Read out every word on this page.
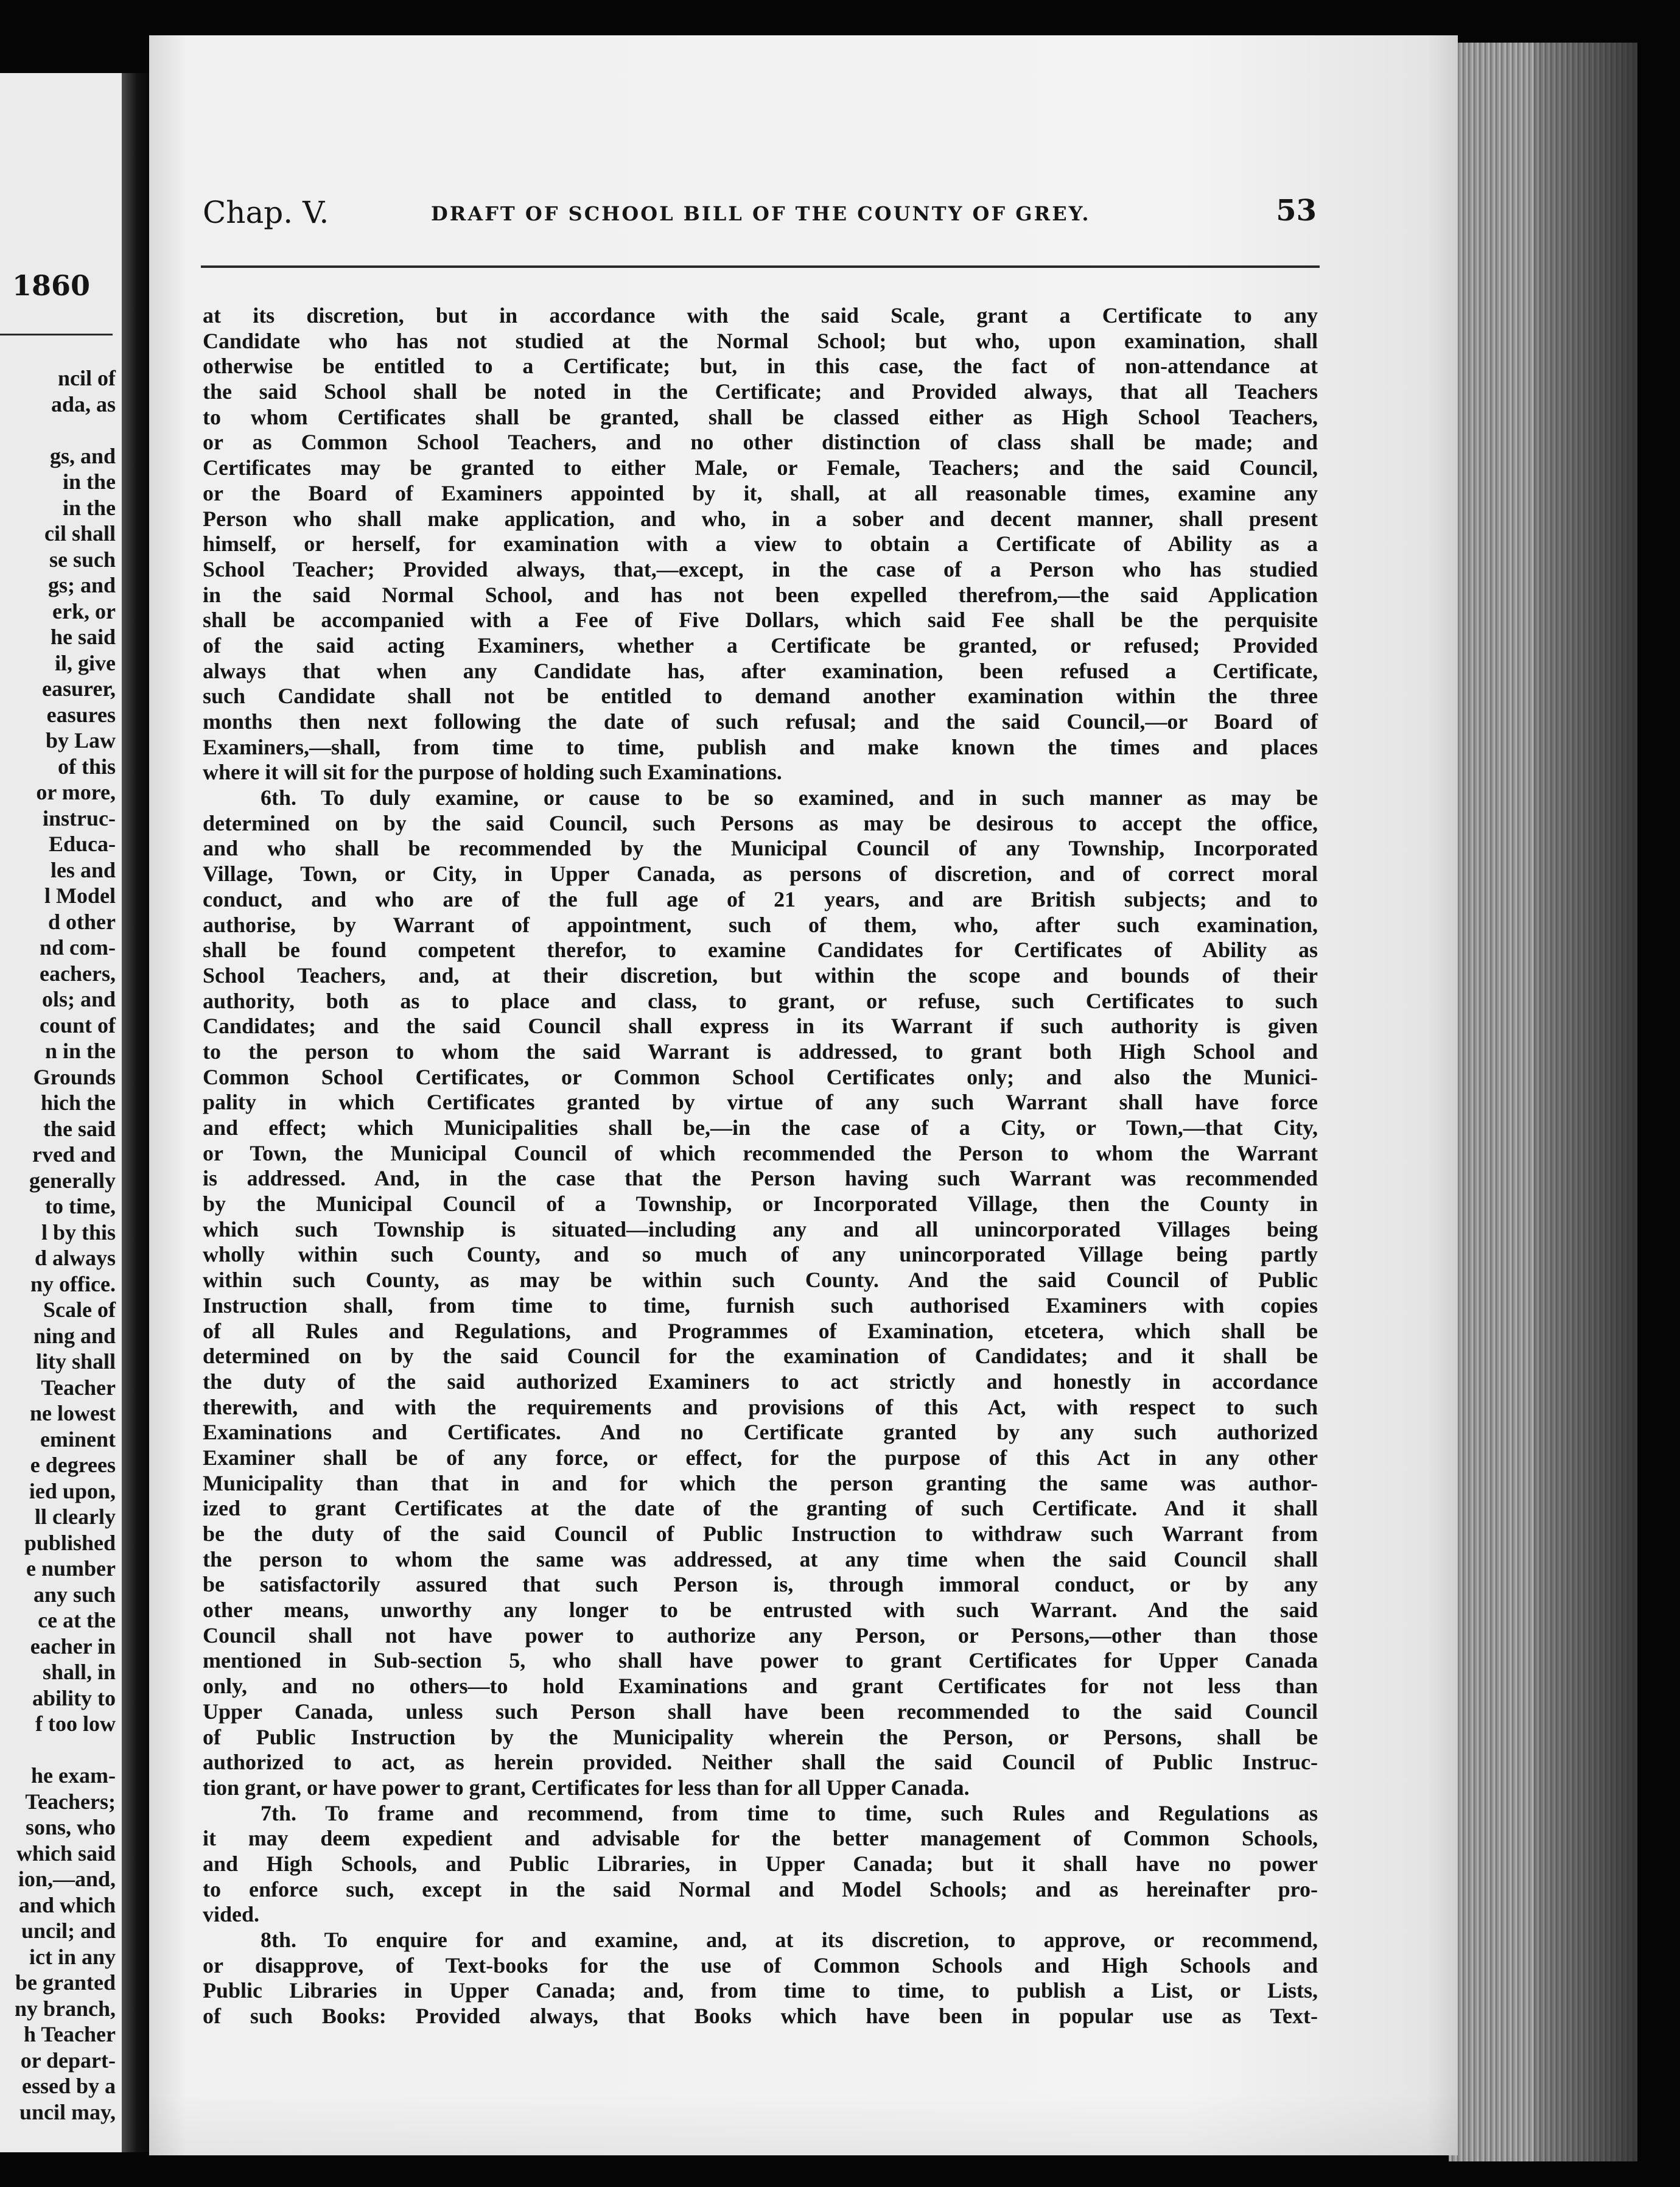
1860
ncil of
ada, as
gs, and
in the
in the
cil shall
se such
gs; and
erk, or
he said
il, give
easurer,
easures
by Law
of this
or more,
instruc-
Educa-
les and
l Model
d other
nd com-
eachers,
ols; and
count of
n in the
Grounds
hich the
the said
rved and
generally
to time,
l by this
d always
ny office.
Scale of
ning and
lity shall
Teacher
ne lowest
eminent
e degrees
ied upon,
ll clearly
published
e number
any such
ce at the
eacher in
shall, in
ability to
f too low
he exam-
Teachers;
sons, who
which said
ion,—and,
and which
uncil; and
ict in any
be granted
ny branch,
h Teacher
or depart-
essed by a
uncil may,
Chap. V.	DRAFT OF SCHOOL BILL OF THE COUNTY OF GREY.	53
at its discretion, but in accordance with the said Scale, grant a Certificate to any
Candidate who has not studied at the Normal School; but who, upon examination, shall
otherwise be entitled to a Certificate; but, in this case, the fact of non-attendance at
the said School shall be noted in the Certificate; and Provided always, that all Teachers
to whom Certificates shall be granted, shall be classed either as High School Teachers,
or as Common School Teachers, and no other distinction of class shall be made; and
Certificates may be granted to either Male, or Female, Teachers; and the said Council,
or the Board of Examiners appointed by it, shall, at all reasonable times, examine any
Person who shall make application, and who, in a sober and decent manner, shall present
himself, or herself, for examination with a view to obtain a Certificate of Ability as a
School Teacher; Provided always, that,—except, in the case of a Person who has studied
in the said Normal School, and has not been expelled therefrom,—the said Application
shall be accompanied with a Fee of Five Dollars, which said Fee shall be the perquisite
of the said acting Examiners, whether a Certificate be granted, or refused; Provided
always that when any Candidate has, after examination, been refused a Certificate,
such Candidate shall not be entitled to demand another examination within the three
months then next following the date of such refusal; and the said Council,—or Board of
Examiners,—shall, from time to time, publish and make known the times and places
where it will sit for the purpose of holding such Examinations.
6th. To duly examine, or cause to be so examined, and in such manner as may be
determined on by the said Council, such Persons as may be desirous to accept the office,
and who shall be recommended by the Municipal Council of any Township, Incorporated
Village, Town, or City, in Upper Canada, as persons of discretion, and of correct moral
conduct, and who are of the full age of 21 years, and are British subjects; and to
authorise, by Warrant of appointment, such of them, who, after such examination,
shall be found competent therefor, to examine Candidates for Certificates of Ability as
School Teachers, and, at their discretion, but within the scope and bounds of their
authority, both as to place and class, to grant, or refuse, such Certificates to such
Candidates; and the said Council shall express in its Warrant if such authority is given
to the person to whom the said Warrant is addressed, to grant both High School and
Common School Certificates, or Common School Certificates only; and also the Munici-
pality in which Certificates granted by virtue of any such Warrant shall have force
and effect; which Municipalities shall be,—in the case of a City, or Town,—that City,
or Town, the Municipal Council of which recommended the Person to whom the Warrant
is addressed. And, in the case that the Person having such Warrant was recommended
by the Municipal Council of a Township, or Incorporated Village, then the County in
which such Township is situated—including any and all unincorporated Villages being
wholly within such County, and so much of any unincorporated Village being partly
within such County, as may be within such County. And the said Council of Public
Instruction shall, from time to time, furnish such authorised Examiners with copies
of all Rules and Regulations, and Programmes of Examination, etcetera, which shall be
determined on by the said Council for the examination of Candidates; and it shall be
the duty of the said authorized Examiners to act strictly and honestly in accordance
therewith, and with the requirements and provisions of this Act, with respect to such
Examinations and Certificates. And no Certificate granted by any such authorized
Examiner shall be of any force, or effect, for the purpose of this Act in any other
Municipality than that in and for which the person granting the same was author-
ized to grant Certificates at the date of the granting of such Certificate. And it shall
be the duty of the said Council of Public Instruction to withdraw such Warrant from
the person to whom the same was addressed, at any time when the said Council shall
be satisfactorily assured that such Person is, through immoral conduct, or by any
other means, unworthy any longer to be entrusted with such Warrant. And the said
Council shall not have power to authorize any Person, or Persons,—other than those
mentioned in Sub-section 5, who shall have power to grant Certificates for Upper Canada
only, and no others—to hold Examinations and grant Certificates for not less than
Upper Canada, unless such Person shall have been recommended to the said Council
of Public Instruction by the Municipality wherein the Person, or Persons, shall be
authorized to act, as herein provided. Neither shall the said Council of Public Instruc-
tion grant, or have power to grant, Certificates for less than for all Upper Canada.
7th. To frame and recommend, from time to time, such Rules and Regulations as
it may deem expedient and advisable for the better management of Common Schools,
and High Schools, and Public Libraries, in Upper Canada; but it shall have no power
to enforce such, except in the said Normal and Model Schools; and as hereinafter pro-
vided.
8th. To enquire for and examine, and, at its discretion, to approve, or recommend,
or disapprove, of Text-books for the use of Common Schools and High Schools and
Public Libraries in Upper Canada; and, from time to time, to publish a List, or Lists,
of such Books: Provided always, that Books which have been in popular use as Text-
